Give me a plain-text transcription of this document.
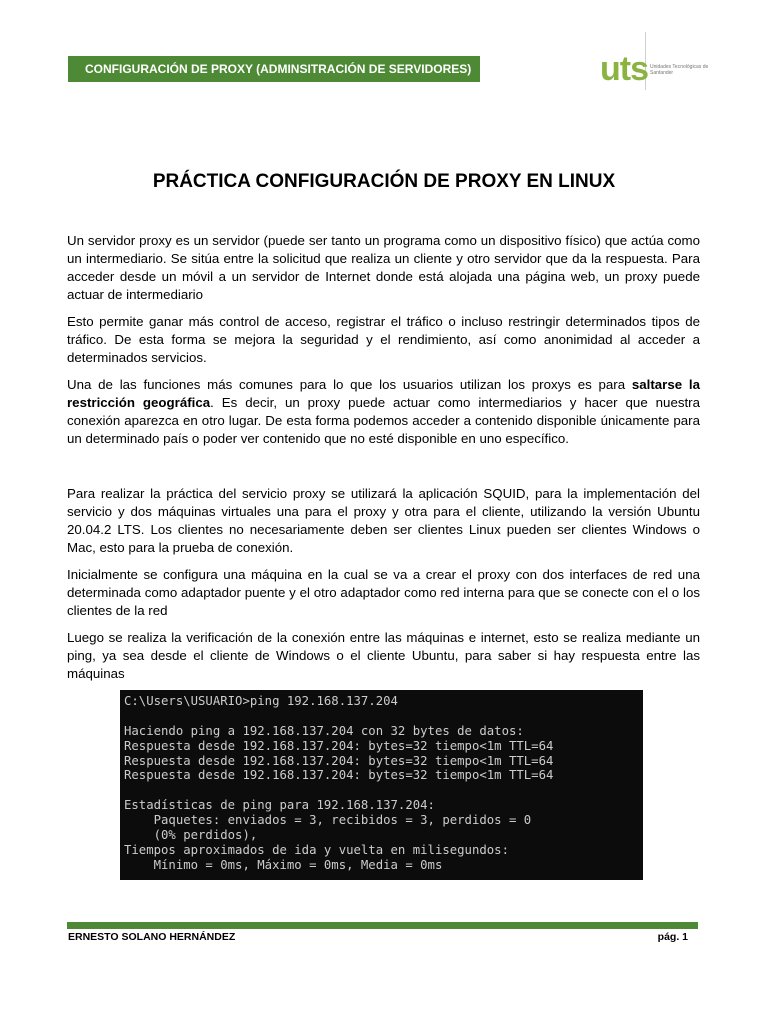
CONFIGURACIÓN DE PROXY (ADMINSITRACIÓN DE SERVIDORES)	uts Unidades Tecnológicas de Santander
PRÁCTICA CONFIGURACIÓN DE PROXY EN LINUX

Un servidor proxy es un servidor (puede ser tanto un programa como un dispositivo físico) que actúa como un intermediario. Se sitúa entre la solicitud que realiza un cliente y otro servidor que da la respuesta. Para acceder desde un móvil a un servidor de Internet donde está alojada una página web, un proxy puede actuar de intermediario

Esto permite ganar más control de acceso, registrar el tráfico o incluso restringir determinados tipos de tráfico. De esta forma se mejora la seguridad y el rendimiento, así como anonimidad al acceder a determinados servicios.

Una de las funciones más comunes para lo que los usuarios utilizan los proxys es para saltarse la restricción geográfica. Es decir, un proxy puede actuar como intermediarios y hacer que nuestra conexión aparezca en otro lugar. De esta forma podemos acceder a contenido disponible únicamente para un determinado país o poder ver contenido que no esté disponible en uno específico.

Para realizar la práctica del servicio proxy se utilizará la aplicación SQUID, para la implementación del servicio y dos máquinas virtuales una para el proxy y otra para el cliente, utilizando la versión Ubuntu 20.04.2 LTS. Los clientes no necesariamente deben ser clientes Linux pueden ser clientes Windows o Mac, esto para la prueba de conexión.

Inicialmente se configura una máquina en la cual se va a crear el proxy con dos interfaces de red una determinada como adaptador puente y el otro adaptador como red interna para que se conecte con el o los clientes de la red

Luego se realiza la verificación de la conexión entre las máquinas e internet, esto se realiza mediante un ping, ya sea desde el cliente de Windows o el cliente Ubuntu, para saber si hay respuesta entre las máquinas

C:\Users\USUARIO>ping 192.168.137.204
Haciendo ping a 192.168.137.204 con 32 bytes de datos:
Respuesta desde 192.168.137.204: bytes=32 tiempo<1m TTL=64
Respuesta desde 192.168.137.204: bytes=32 tiempo<1m TTL=64
Respuesta desde 192.168.137.204: bytes=32 tiempo<1m TTL=64
Estadísticas de ping para 192.168.137.204:
Paquetes: enviados = 3, recibidos = 3, perdidos = 0
(0% perdidos),
Tiempos aproximados de ida y vuelta en milisegundos:
Mínimo = 0ms, Máximo = 0ms, Media = 0ms
ERNESTO SOLANO HERNÁNDEZ	pág. 1
